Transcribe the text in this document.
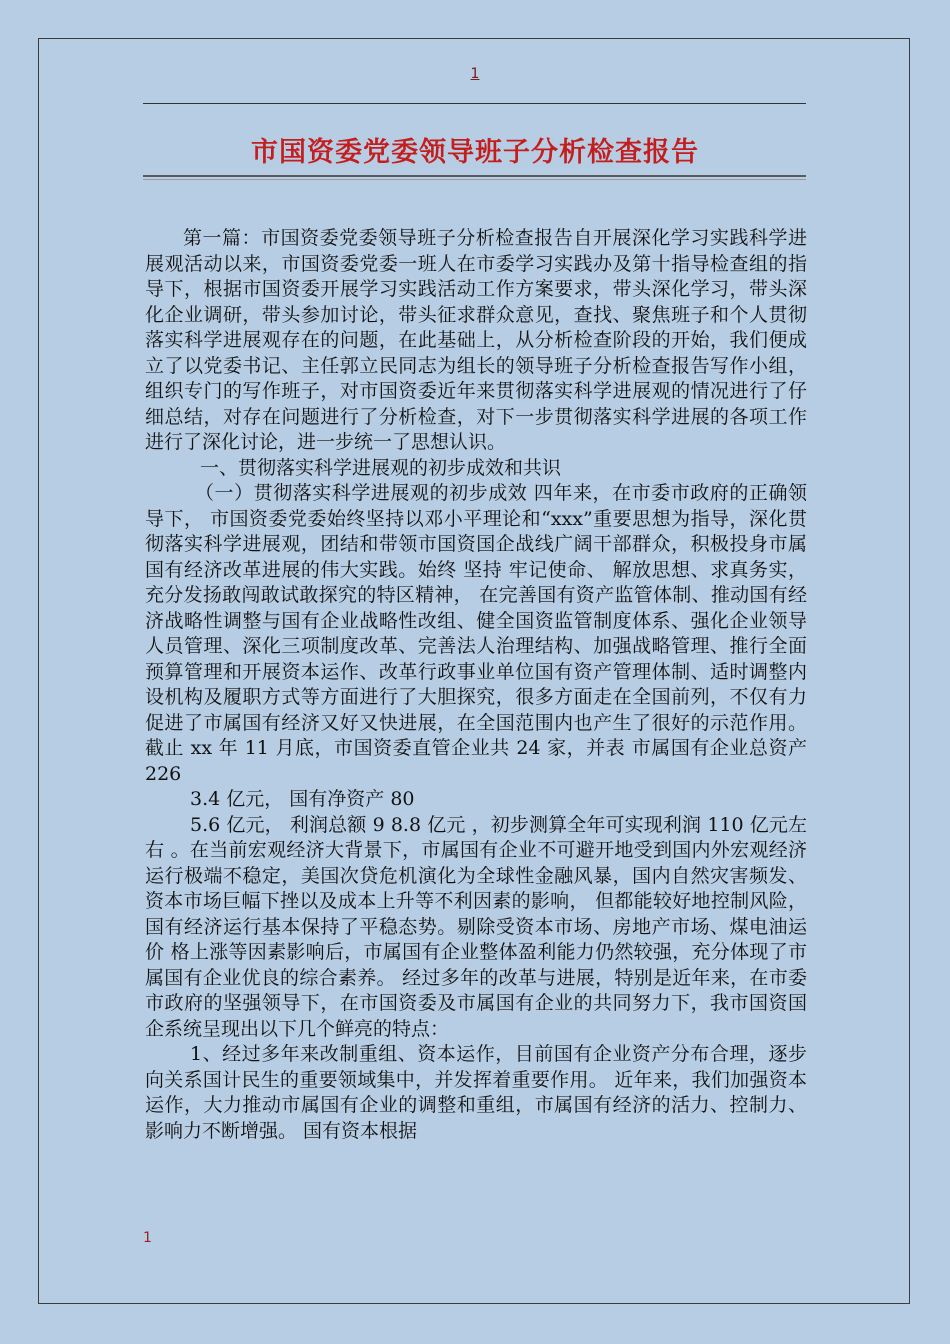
1
市国资委党委领导班子分析检查报告

第一篇：市国资委党委领导班子分析检查报告自开展深化学习实践科学进展观活动以来，市国资委党委一班人在市委学习实践办及第十指导检查组的指导下，根据市国资委开展学习实践活动工作方案要求，带头深化学习，带头深化企业调研，带头参加讨论，带头征求群众意见，查找、聚焦班子和个人贯彻落实科学进展观存在的问题，在此基础上，从分析检查阶段的开始，我们便成立了以党委书记、主任郭立民同志为组长的领导班子分析检查报告写作小组，组织专门的写作班子，对市国资委近年来贯彻落实科学进展观的情况进行了仔细总结，对存在问题进行了分析检查，对下一步贯彻落实科学进展的各项工作进行了深化讨论，进一步统一了思想认识。

一、贯彻落实科学进展观的初步成效和共识

（一）贯彻落实科学进展观的初步成效 四年来，在市委市政府的正确领导下， 市国资委党委始终坚持以邓小平理论和“xxx”重要思想为指导，深化贯彻落实科学进展观，团结和带领市国资国企战线广阔干部群众，积极投身市属国有经济改革进展的伟大实践。始终 坚持 牢记使命、 解放思想、求真务实，充分发扬敢闯敢试敢探究的特区精神， 在完善国有资产监管体制、推动国有经济战略性调整与国有企业战略性改组、健全国资监管制度体系、强化企业领导人员管理、深化三项制度改革、完善法人治理结构、加强战略管理、推行全面预算管理和开展资本运作、改革行政事业单位国有资产管理体制、适时调整内设机构及履职方式等方面进行了大胆探究，很多方面走在全国前列，不仅有力促进了市属国有经济又好又快进展，在全国范围内也产生了很好的示范作用。 截止 xx 年 11 月底，市国资委直管企业共 24 家，并表 市属国有企业总资产 226

3.4 亿元， 国有净资产 80

5.6 亿元， 利润总额 9 8.8 亿元 ，初步测算全年可实现利润 110 亿元左右 。在当前宏观经济大背景下，市属国有企业不可避开地受到国内外宏观经济运行极端不稳定，美国次贷危机演化为全球性金融风暴，国内自然灾害频发、资本市场巨幅下挫以及成本上升等不利因素的影响， 但都能较好地控制风险，国有经济运行基本保持了平稳态势。剔除受资本市场、房地产市场、煤电油运价 格上涨等因素影响后，市属国有企业整体盈利能力仍然较强，充分体现了市属国有企业优良的综合素养。 经过多年的改革与进展，特别是近年来，在市委市政府的坚强领导下，在市国资委及市属国有企业的共同努力下，我市国资国企系统呈现出以下几个鲜亮的特点：

1、经过多年来改制重组、资本运作，目前国有企业资产分布合理，逐步向关系国计民生的重要领域集中，并发挥着重要作用。 近年来，我们加强资本运作，大力推动市属国有企业的调整和重组，市属国有经济的活力、控制力、影响力不断增强。 国有资本根据

1
